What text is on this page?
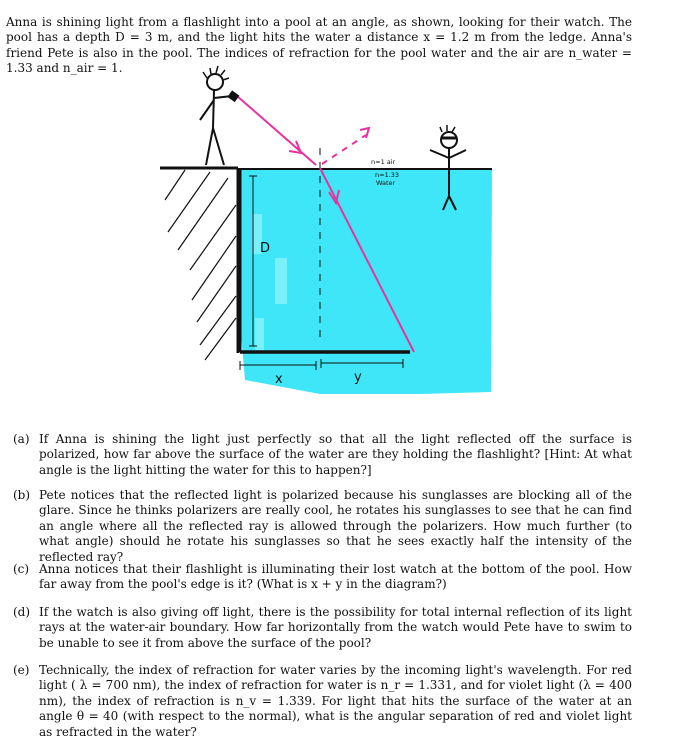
Anna is shining light from a flashlight into a pool at an angle, as shown, looking for their watch. The pool has a depth D = 3 m, and the light hits the water a distance x = 1.2 m from the ledge. Anna's friend Pete is also in the pool. The indices of refraction for the pool water and the air are n_water = 1.33 and n_air = 1.

D
n=1 air
n=1.33
Water
x	y
(a) If Anna is shining the light just perfectly so that all the light reflected off the surface is polarized, how far above the surface of the water are they holding the flashlight? [Hint: At what angle is the light hitting the water for this to happen?]
(b) Pete notices that the reflected light is polarized because his sunglasses are blocking all of the glare. Since he thinks polarizers are really cool, he rotates his sunglasses to see that he can find an angle where all the reflected ray is allowed through the polarizers. How much further (to what angle) should he rotate his sunglasses so that he sees exactly half the intensity of the reflected ray?
(c) Anna notices that their flashlight is illuminating their lost watch at the bottom of the pool. How far away from the pool's edge is it? (What is x + y in the diagram?)
(d) If the watch is also giving off light, there is the possibility for total internal reflection of its light rays at the water-air boundary. How far horizontally from the watch would Pete have to swim to be unable to see it from above the surface of the pool?
(e) Technically, the index of refraction for water varies by the incoming light's wavelength. For red light ( λ = 700 nm), the index of refraction for water is n_r = 1.331, and for violet light (λ = 400 nm), the index of refraction is n_v = 1.339. For light that hits the surface of the water at an angle θ = 40 (with respect to the normal), what is the angular separation of red and violet light as refracted in the water?
